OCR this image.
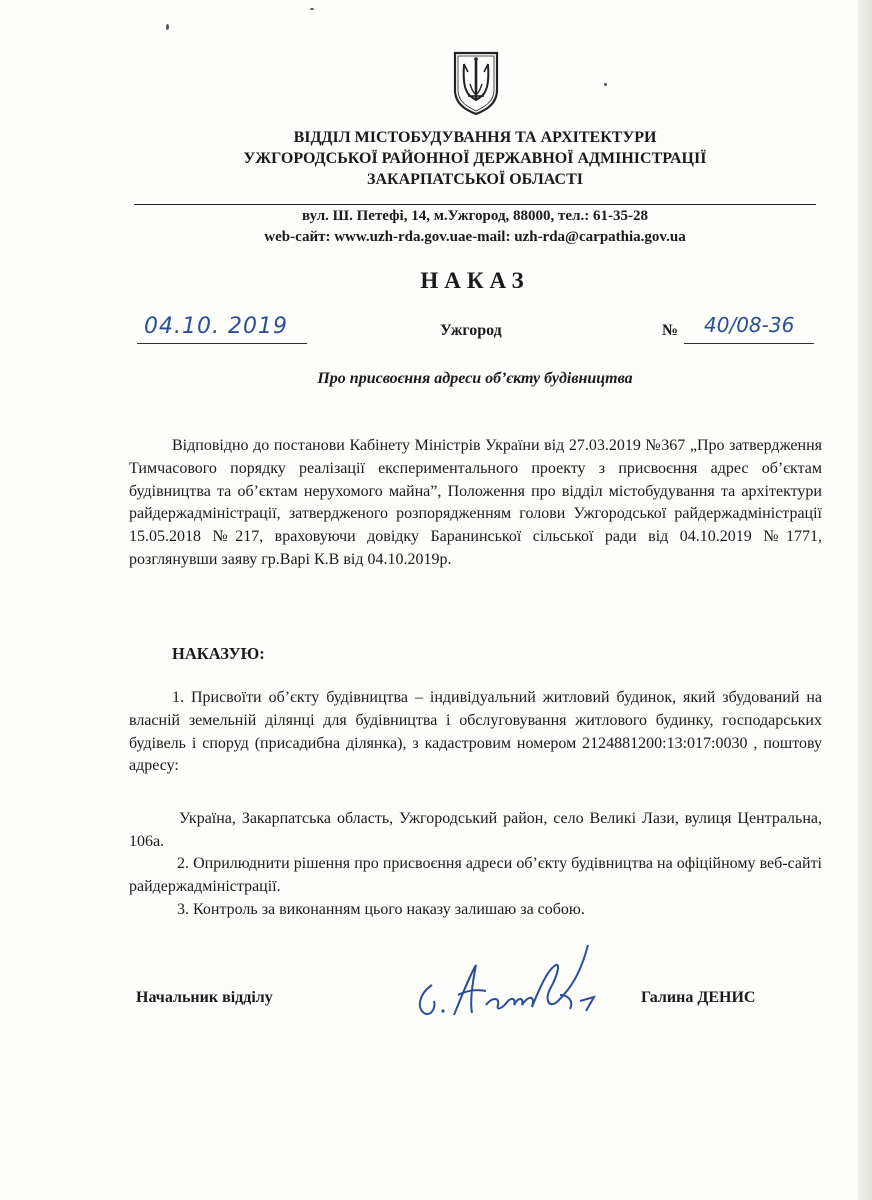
ВІДДІЛ МІСТОБУДУВАННЯ ТА АРХІТЕКТУРИ
УЖГОРОДСЬКОЇ РАЙОННОЇ ДЕРЖАВНОЇ АДМІНІСТРАЦІЇ
ЗАКАРПАТСЬКОЇ ОБЛАСТІ
вул. Ш. Петефі, 14, м.Ужгород, 88000, тел.: 61-35-28
web-сайт: www.uzh-rda.gov.uae-mail: uzh-rda@carpathia.gov.ua
НАКАЗ
04.10. 2019	Ужгород	№ 40/08-36
Про присвоєння адреси об’єкту будівництва
Відповідно до постанови Кабінету Міністрів України від 27.03.2019 №367 „Про затвердження Тимчасового порядку реалізації експериментального проекту з присвоєння адрес об’єктам будівництва та об’єктам нерухомого майна”, Положення про відділ містобудування та архітектури райдержадміністрації, затвердженого розпорядженням голови Ужгородської райдержадміністрації 15.05.2018 №217, враховуючи довідку Баранинської сільської ради від 04.10.2019 №1771, розглянувши заяву гр.Варі К.В від 04.10.2019р.
НАКАЗУЮ:
1. Присвоїти об’єкту будівництва – індивідуальний житловий будинок, який збудований на власній земельній ділянці для будівництва і обслуговування житлового будинку, господарських будівель і споруд (присадибна ділянка), з кадастровим номером 2124881200:13:017:0030 , поштову адресу:
Україна, Закарпатська область, Ужгородський район, село Великі Лази, вулиця Центральна, 106а.
2. Оприлюднити рішення про присвоєння адреси об’єкту будівництва на офіційному веб-сайті райдержадміністрації.
3. Контроль за виконанням цього наказу залишаю за собою.
Начальник відділу	Галина ДЕНИС
